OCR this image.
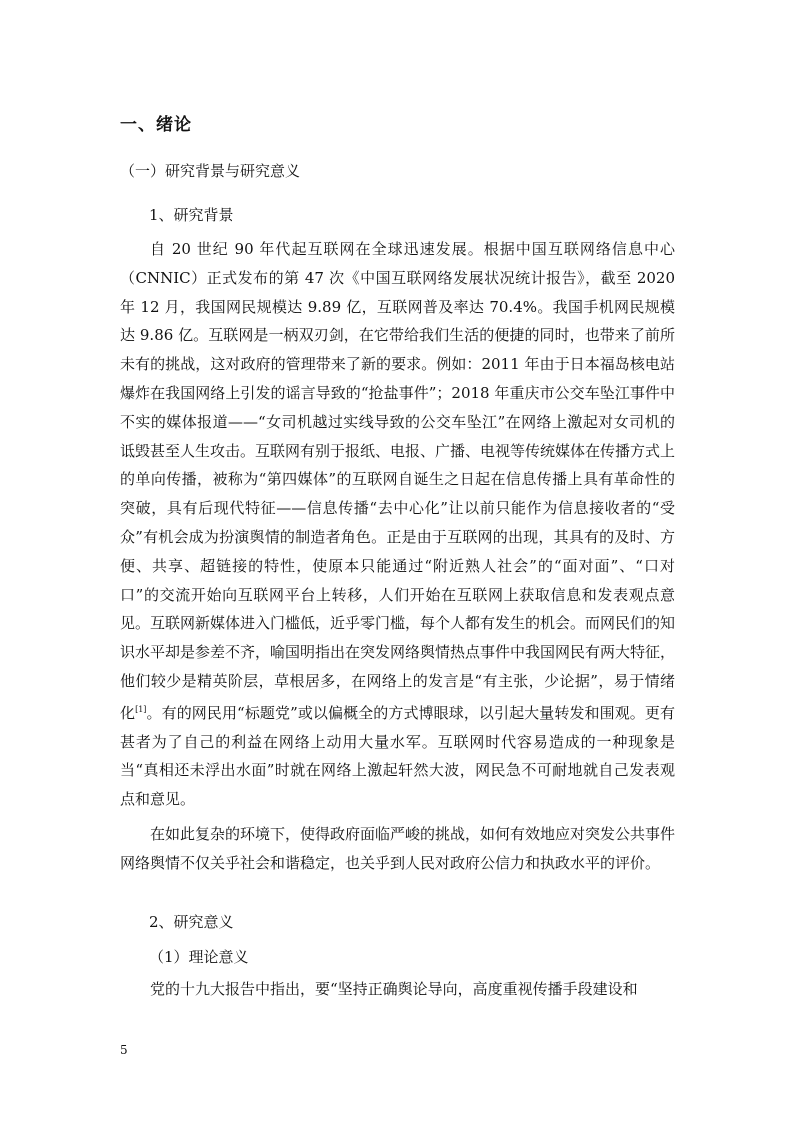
一、绪论
（一）研究背景与研究意义
1、研究背景
自 20 世纪 90 年代起互联网在全球迅速发展。根据中国互联网络信息中心（CNNIC）正式发布的第 47 次《中国互联网络发展状况统计报告》，截至 2020 年 12 月，我国网民规模达 9.89 亿，互联网普及率达 70.4%。我国手机网民规模达 9.86 亿。互联网是一柄双刃剑，在它带给我们生活的便捷的同时，也带来了前所未有的挑战，这对政府的管理带来了新的要求。例如：2011 年由于日本福岛核电站爆炸在我国网络上引发的谣言导致的“抢盐事件”；2018 年重庆市公交车坠江事件中不实的媒体报道——“女司机越过实线导致的公交车坠江”在网络上激起对女司机的诋毁甚至人生攻击。互联网有别于报纸、电报、广播、电视等传统媒体在传播方式上的单向传播，被称为“第四媒体”的互联网自诞生之日起在信息传播上具有革命性的突破，具有后现代特征——信息传播“去中心化”让以前只能作为信息接收者的“受众”有机会成为扮演舆情的制造者角色。正是由于互联网的出现，其具有的及时、方便、共享、超链接的特性，使原本只能通过“附近熟人社会”的“面对面”、“口对口”的交流开始向互联网平台上转移，人们开始在互联网上获取信息和发表观点意见。互联网新媒体进入门槛低，近乎零门槛，每个人都有发生的机会。而网民们的知识水平却是参差不齐，喻国明指出在突发网络舆情热点事件中我国网民有两大特征，他们较少是精英阶层，草根居多，在网络上的发言是“有主张，少论据”，易于情绪化[1]。有的网民用“标题党”或以偏概全的方式博眼球，以引起大量转发和围观。更有甚者为了自己的利益在网络上动用大量水军。互联网时代容易造成的一种现象是当“真相还未浮出水面”时就在网络上激起轩然大波，网民急不可耐地就自己发表观点和意见。
在如此复杂的环境下，使得政府面临严峻的挑战，如何有效地应对突发公共事件网络舆情不仅关乎社会和谐稳定，也关乎到人民对政府公信力和执政水平的评价。
2、研究意义
（1）理论意义
党的十九大报告中指出，要“坚持正确舆论导向，高度重视传播手段建设和
5
